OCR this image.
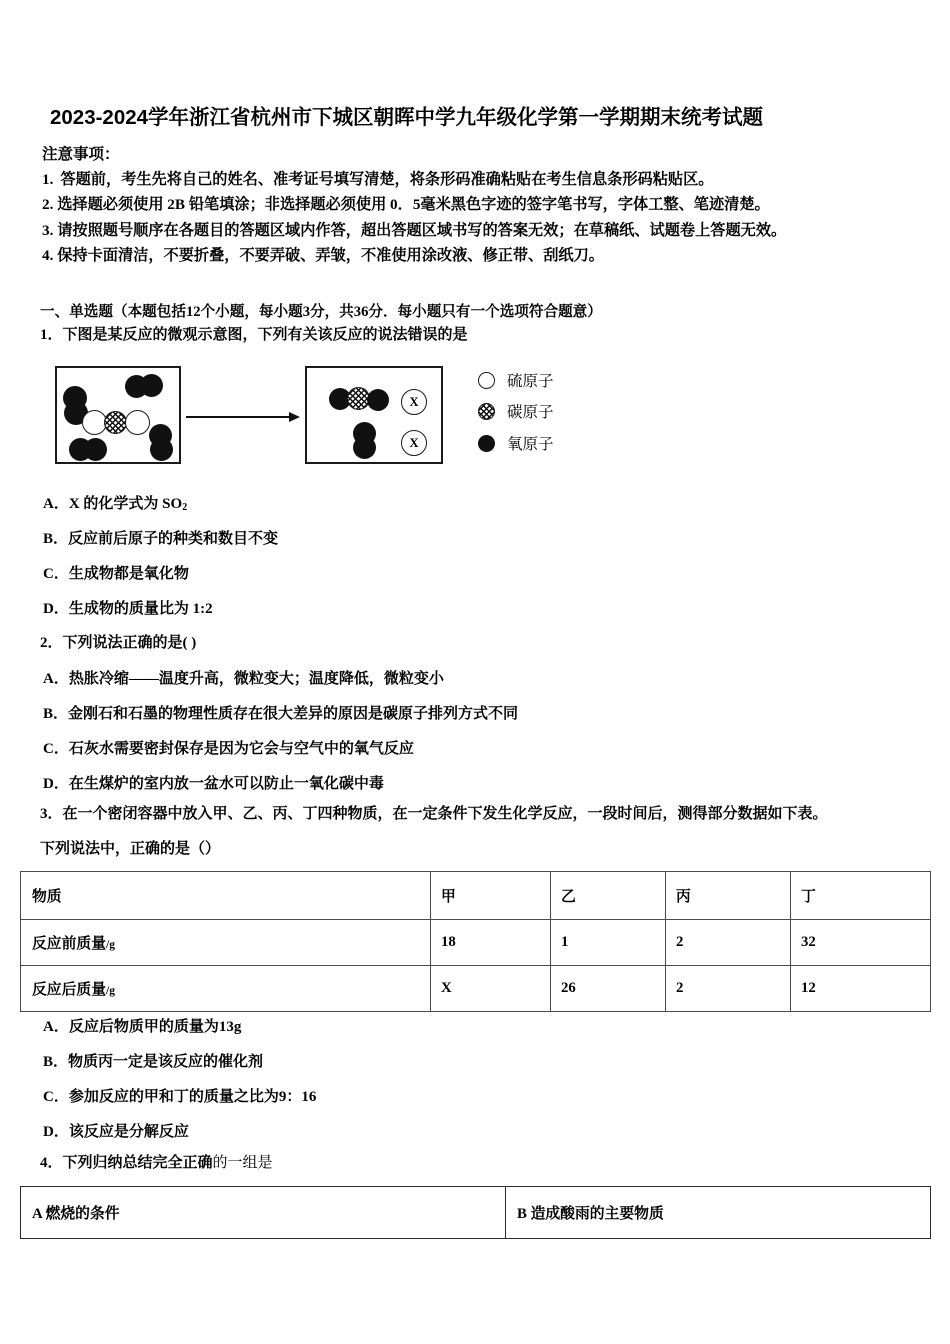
2023-2024学年浙江省杭州市下城区朝晖中学九年级化学第一学期期末统考试题
注意事项：
1. 答题前，考生先将自己的姓名、准考证号填写清楚，将条形码准确粘贴在考生信息条形码粘贴区。
2. 选择题必须使用 2B 铅笔填涂；非选择题必须使用 0．5毫米黑色字迹的签字笔书写，字体工整、笔迹清楚。
3. 请按照题号顺序在各题目的答题区域内作答，超出答题区域书写的答案无效；在草稿纸、试题卷上答题无效。
4. 保持卡面清洁，不要折叠，不要弄破、弄皱，不准使用涂改液、修正带、刮纸刀。
一、单选题（本题包括12个小题，每小题3分，共36分．每小题只有一个选项符合题意）
1．下图是某反应的微观示意图，下列有关该反应的说法错误的是
X
X
硫原子
碳原子
氧原子
A．X 的化学式为 $SO_2$
B．反应前后原子的种类和数目不变
C．生成物都是氧化物
D．生成物的质量比为 1:2
2．下列说法正确的是( )
A．热胀冷缩——温度升高，微粒变大；温度降低，微粒变小
B．金刚石和石墨的物理性质存在很大差异的原因是碳原子排列方式不同
C．石灰水需要密封保存是因为它会与空气中的氧气反应
D．在生煤炉的室内放一盆水可以防止一氧化碳中毒
3．在一个密闭容器中放入甲、乙、丙、丁四种物质，在一定条件下发生化学反应，一段时间后，测得部分数据如下表。
下列说法中，正确的是（）
物质	甲	乙	丙	丁
反应前质量/g	18	1	2	32
反应后质量/g	X	26	2	12
A．反应后物质甲的质量为13g
B．物质丙一定是该反应的催化剂
C．参加反应的甲和丁的质量之比为9：16
D．该反应是分解反应
4．下列归纳总结完全正确的一组是
A 燃烧的条件	B 造成酸雨的主要物质
